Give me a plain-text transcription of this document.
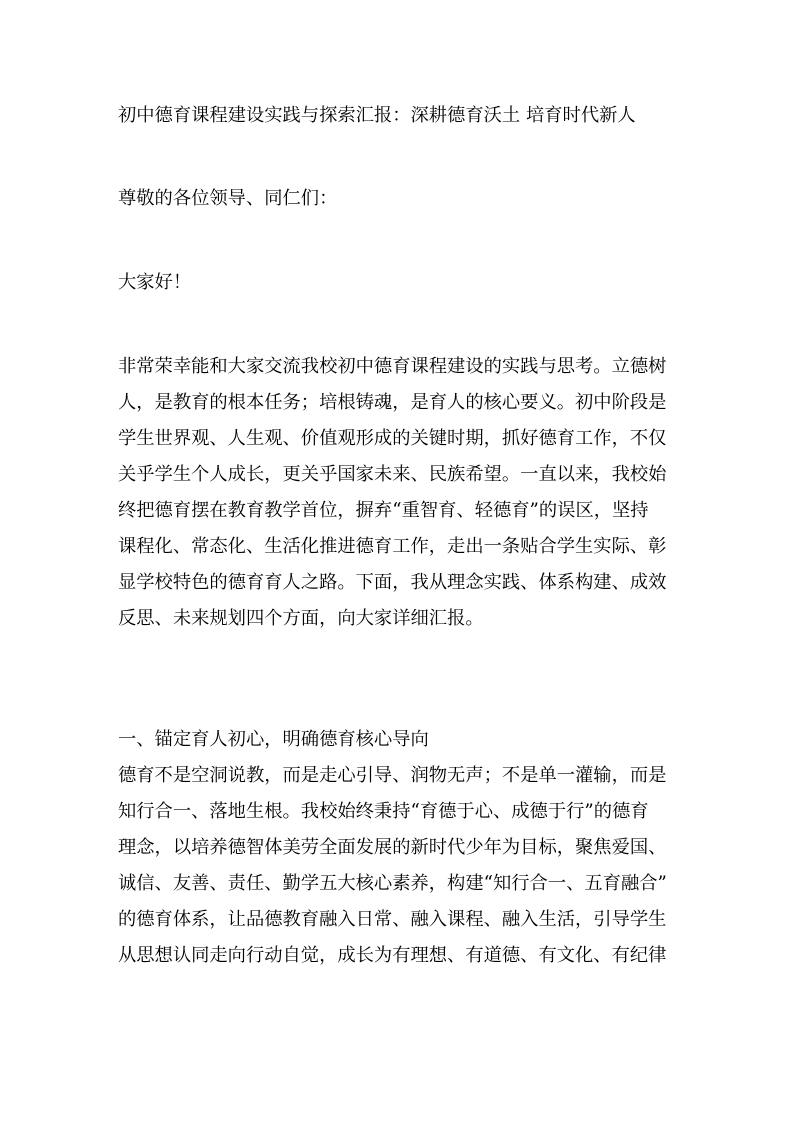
初中德育课程建设实践与探索汇报：深耕德育沃土 培育时代新人

尊敬的各位领导、同仁们：

大家好！

非常荣幸能和大家交流我校初中德育课程建设的实践与思考。立德树
人，是教育的根本任务；培根铸魂，是育人的核心要义。初中阶段是
学生世界观、人生观、价值观形成的关键时期，抓好德育工作，不仅
关乎学生个人成长，更关乎国家未来、民族希望。一直以来，我校始
终把德育摆在教育教学首位，摒弃“重智育、轻德育”的误区，坚持
课程化、常态化、生活化推进德育工作，走出一条贴合学生实际、彰
显学校特色的德育育人之路。下面，我从理念实践、体系构建、成效
反思、未来规划四个方面，向大家详细汇报。

一、锚定育人初心，明确德育核心导向
德育不是空洞说教，而是走心引导、润物无声；不是单一灌输，而是
知行合一、落地生根。我校始终秉持“育德于心、成德于行”的德育
理念，以培养德智体美劳全面发展的新时代少年为目标，聚焦爱国、
诚信、友善、责任、勤学五大核心素养，构建“知行合一、五育融合”
的德育体系，让品德教育融入日常、融入课程、融入生活，引导学生
从思想认同走向行动自觉，成长为有理想、有道德、有文化、有纪律
